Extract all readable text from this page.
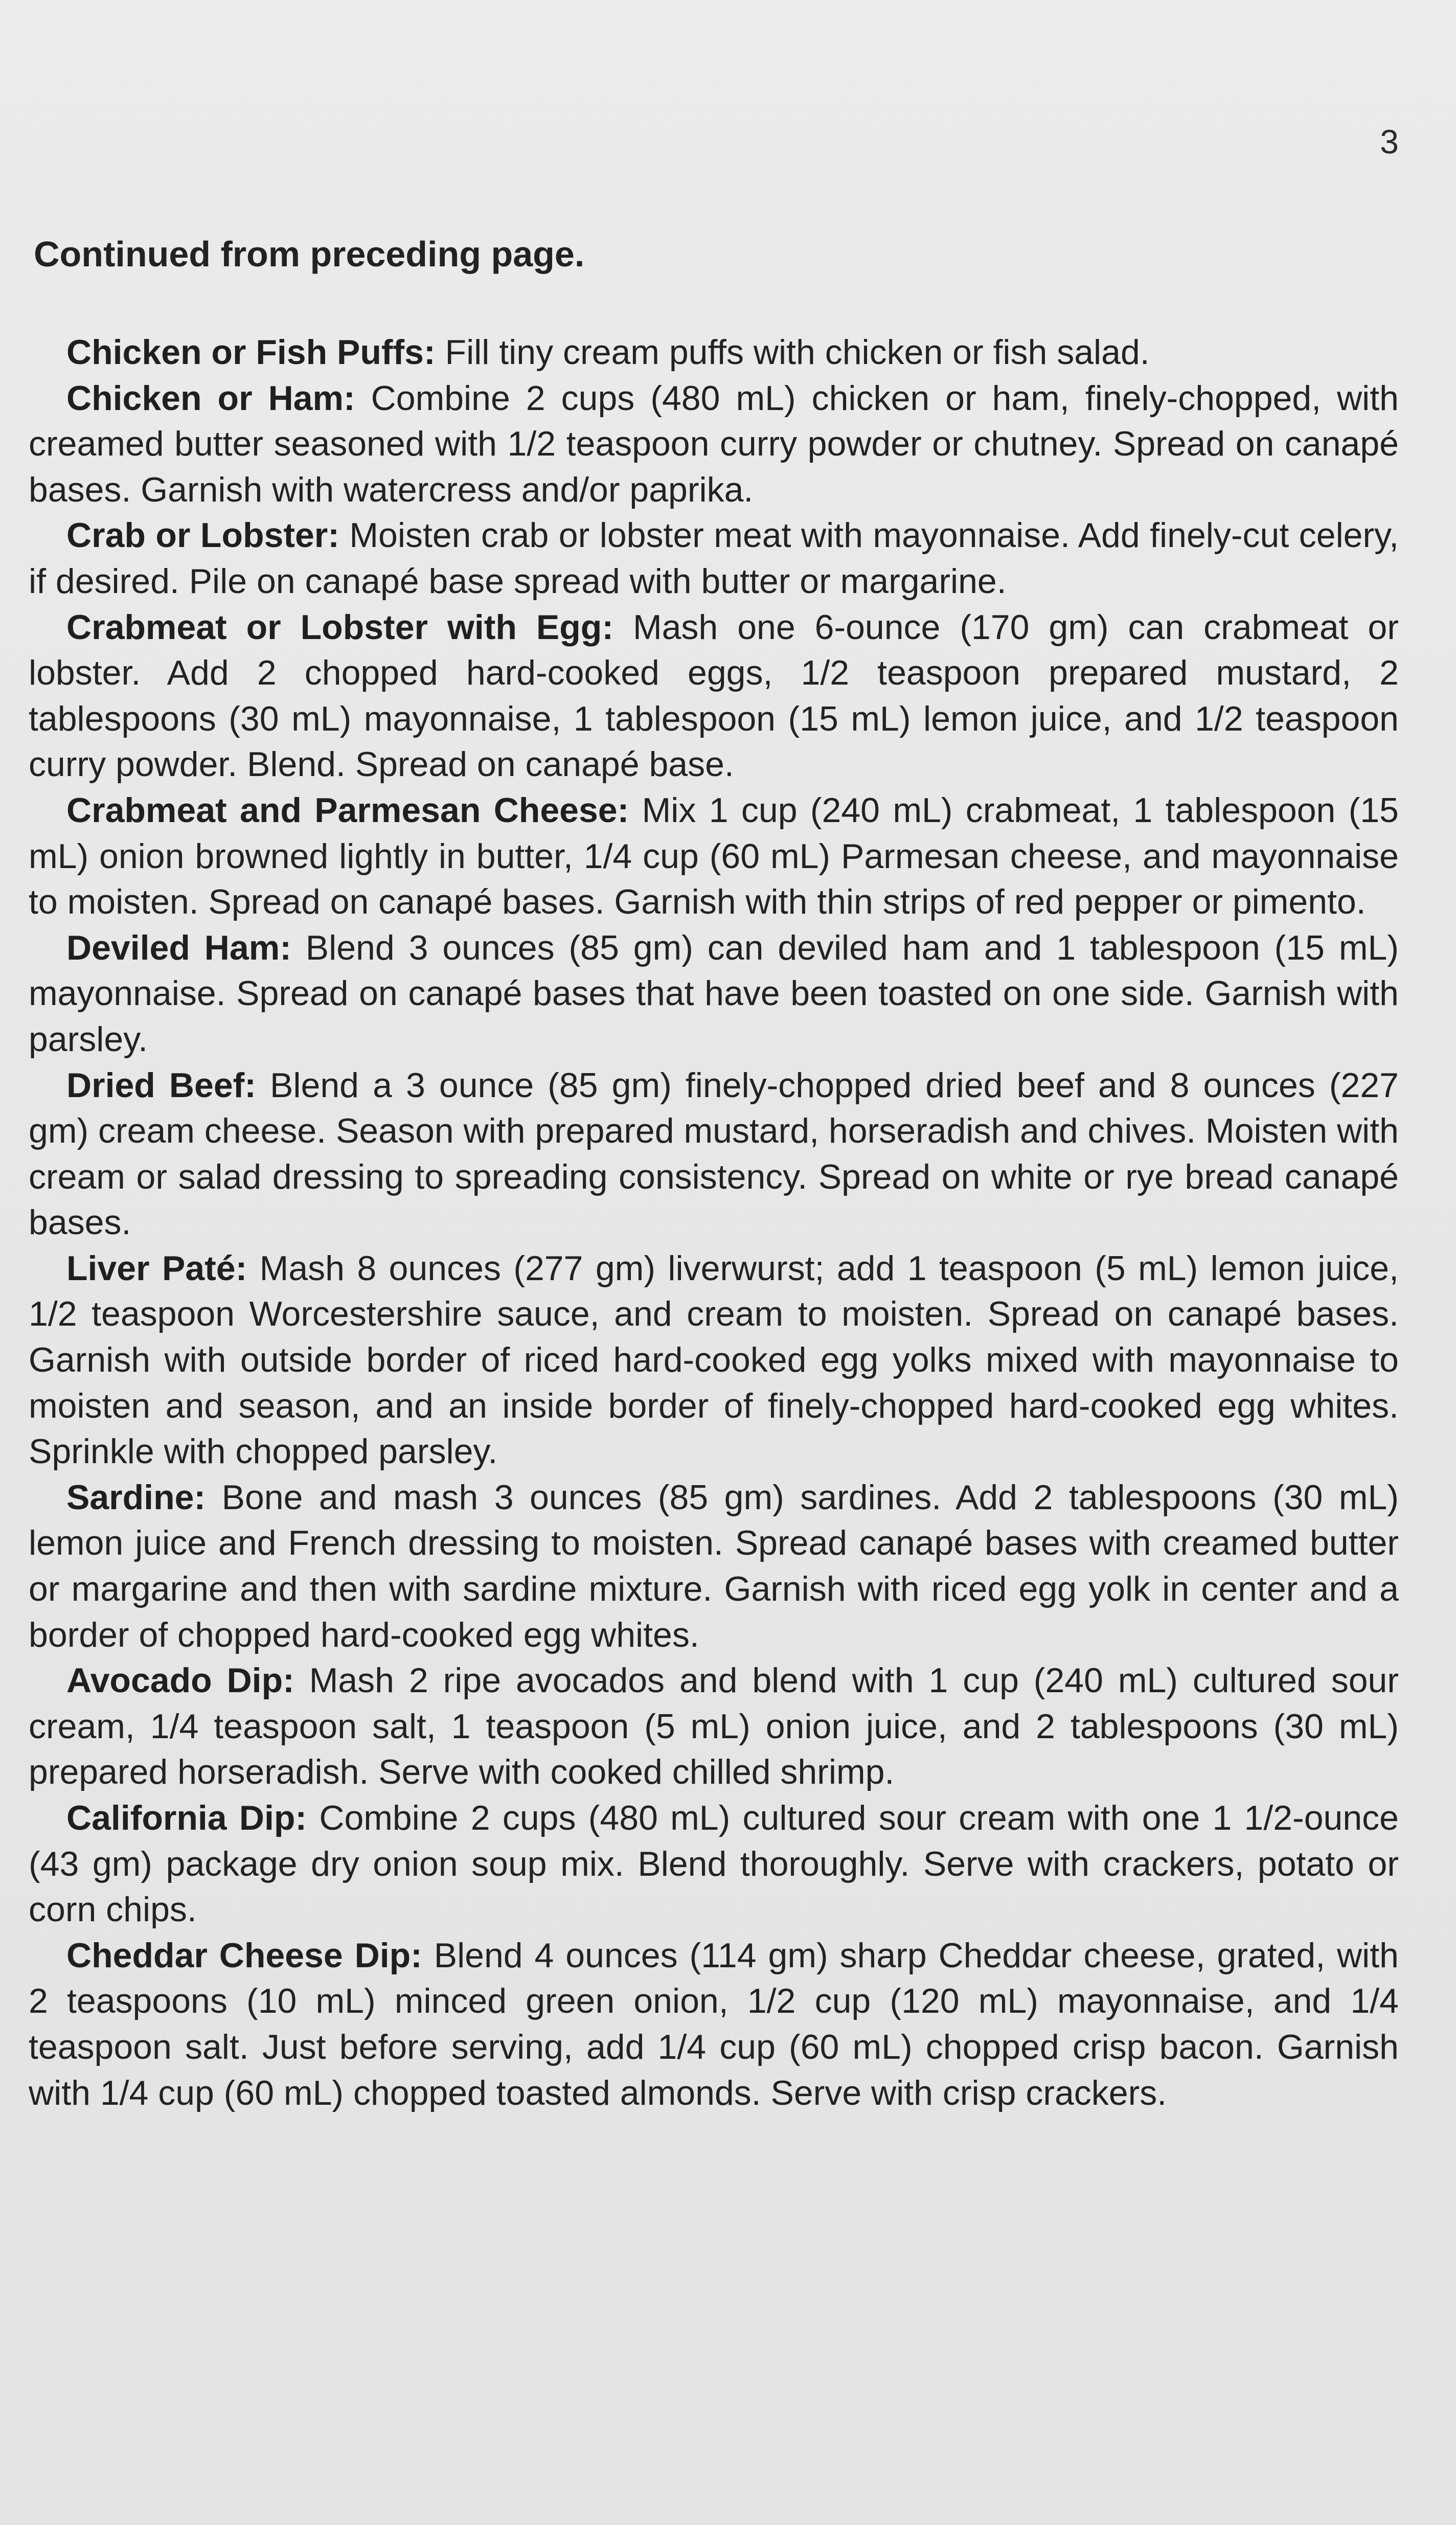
3
Continued from preceding page.

Chicken or Fish Puffs: Fill tiny cream puffs with chicken or fish salad.

Chicken or Ham: Combine 2 cups (480 mL) chicken or ham, finely-chopped, with creamed butter seasoned with 1/2 teaspoon curry powder or chutney. Spread on canapé bases. Garnish with watercress and/or paprika.

Crab or Lobster: Moisten crab or lobster meat with mayonnaise. Add finely-cut celery, if desired. Pile on canapé base spread with butter or margarine.

Crabmeat or Lobster with Egg: Mash one 6-ounce (170 gm) can crabmeat or lobster. Add 2 chopped hard-cooked eggs, 1/2 teaspoon prepared mustard, 2 tablespoons (30 mL) mayonnaise, 1 tablespoon (15 mL) lemon juice, and 1/2 teaspoon curry powder. Blend. Spread on canapé base.

Crabmeat and Parmesan Cheese: Mix 1 cup (240 mL) crabmeat, 1 tablespoon (15 mL) onion browned lightly in butter, 1/4 cup (60 mL) Parmesan cheese, and mayonnaise to moisten. Spread on canapé bases. Garnish with thin strips of red pepper or pimento.

Deviled Ham: Blend 3 ounces (85 gm) can deviled ham and 1 tablespoon (15 mL) mayonnaise. Spread on canapé bases that have been toasted on one side. Garnish with parsley.

Dried Beef: Blend a 3 ounce (85 gm) finely-chopped dried beef and 8 ounces (227 gm) cream cheese. Season with prepared mustard, horseradish and chives. Moisten with cream or salad dressing to spreading consistency. Spread on white or rye bread canapé bases.

Liver Paté: Mash 8 ounces (277 gm) liverwurst; add 1 teaspoon (5 mL) lemon juice, 1/2 teaspoon Worcestershire sauce, and cream to moisten. Spread on canapé bases. Garnish with outside border of riced hard-cooked egg yolks mixed with mayonnaise to moisten and season, and an inside border of finely-chopped hard-cooked egg whites. Sprinkle with chopped parsley.

Sardine: Bone and mash 3 ounces (85 gm) sardines. Add 2 tablespoons (30 mL) lemon juice and French dressing to moisten. Spread canapé bases with creamed butter or margarine and then with sardine mixture. Garnish with riced egg yolk in center and a border of chopped hard-cooked egg whites.

Avocado Dip: Mash 2 ripe avocados and blend with 1 cup (240 mL) cultured sour cream, 1/4 teaspoon salt, 1 teaspoon (5 mL) onion juice, and 2 tablespoons (30 mL) prepared horseradish. Serve with cooked chilled shrimp.

California Dip: Combine 2 cups (480 mL) cultured sour cream with one 1 1/2-ounce (43 gm) package dry onion soup mix. Blend thoroughly. Serve with crackers, potato or corn chips.

Cheddar Cheese Dip: Blend 4 ounces (114 gm) sharp Cheddar cheese, grated, with 2 teaspoons (10 mL) minced green onion, 1/2 cup (120 mL) mayonnaise, and 1/4 teaspoon salt. Just before serving, add 1/4 cup (60 mL) chopped crisp bacon. Garnish with 1/4 cup (60 mL) chopped toasted almonds. Serve with crisp crackers.
